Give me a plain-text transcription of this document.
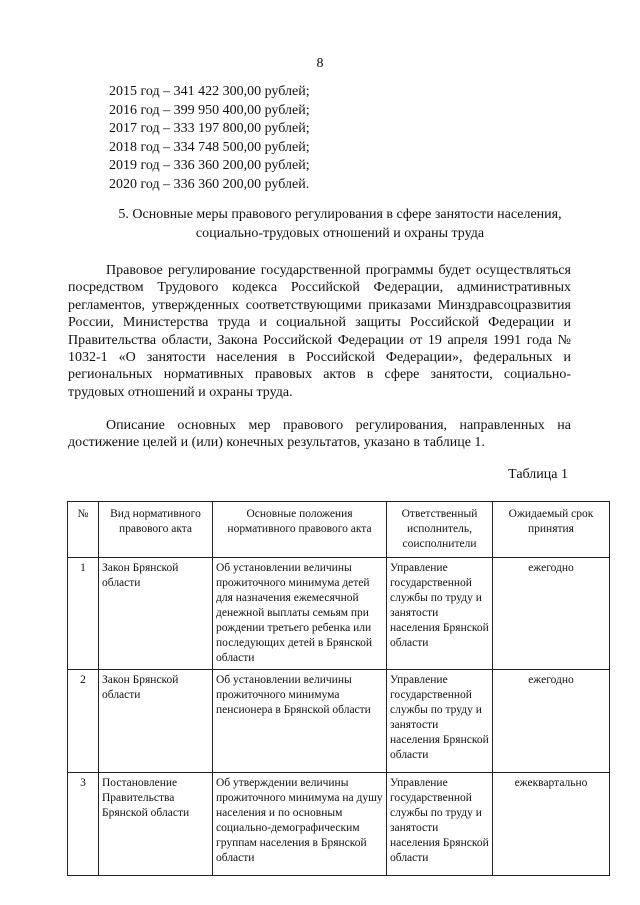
8
2015 год – 341 422 300,00 рублей;
2016 год – 399 950 400,00 рублей;
2017 год – 333 197 800,00 рублей;
2018 год – 334 748 500,00 рублей;
2019 год – 336 360 200,00 рублей;
2020 год – 336 360 200,00 рублей.
5. Основные меры правового регулирования в сфере занятости населения,
социально-трудовых отношений и охраны труда
Правовое регулирование государственной программы будет осуществляться посредством Трудового кодекса Российской Федерации, административных регламентов, утвержденных соответствующими приказами Минздравсоцразвития России, Министерства труда и социальной защиты Российской Федерации и Правительства области, Закона Российской Федерации от 19 апреля 1991 года № 1032-1 «О занятости населения в Российской Федерации», федеральных и региональных нормативных правовых актов в сфере занятости, социально-трудовых отношений и охраны труда.
Описание основных мер правового регулирования, направленных на достижение целей и (или) конечных результатов, указано в таблице 1.
Таблица 1
№	Вид нормативного правового акта	Основные положения нормативного правового акта	Ответственный исполнитель, соисполнители	Ожидаемый срок принятия
1	Закон Брянской области	Об установлении величины прожиточного минимума детей для назначения ежемесячной денежной выплаты семьям при рождении третьего ребенка или последующих детей в Брянской области	Управление государственной службы по труду и занятости населения Брянской области	ежегодно
2	Закон Брянской области	Об установлении величины прожиточного минимума пенсионера в Брянской области	Управление государственной службы по труду и занятости населения Брянской области	ежегодно
3	Постановление Правительства Брянской области	Об утверждении величины прожиточного минимума на душу населения и по основным социально-демографическим группам населения в Брянской области	Управление государственной службы по труду и занятости населения Брянской области	ежеквартально
